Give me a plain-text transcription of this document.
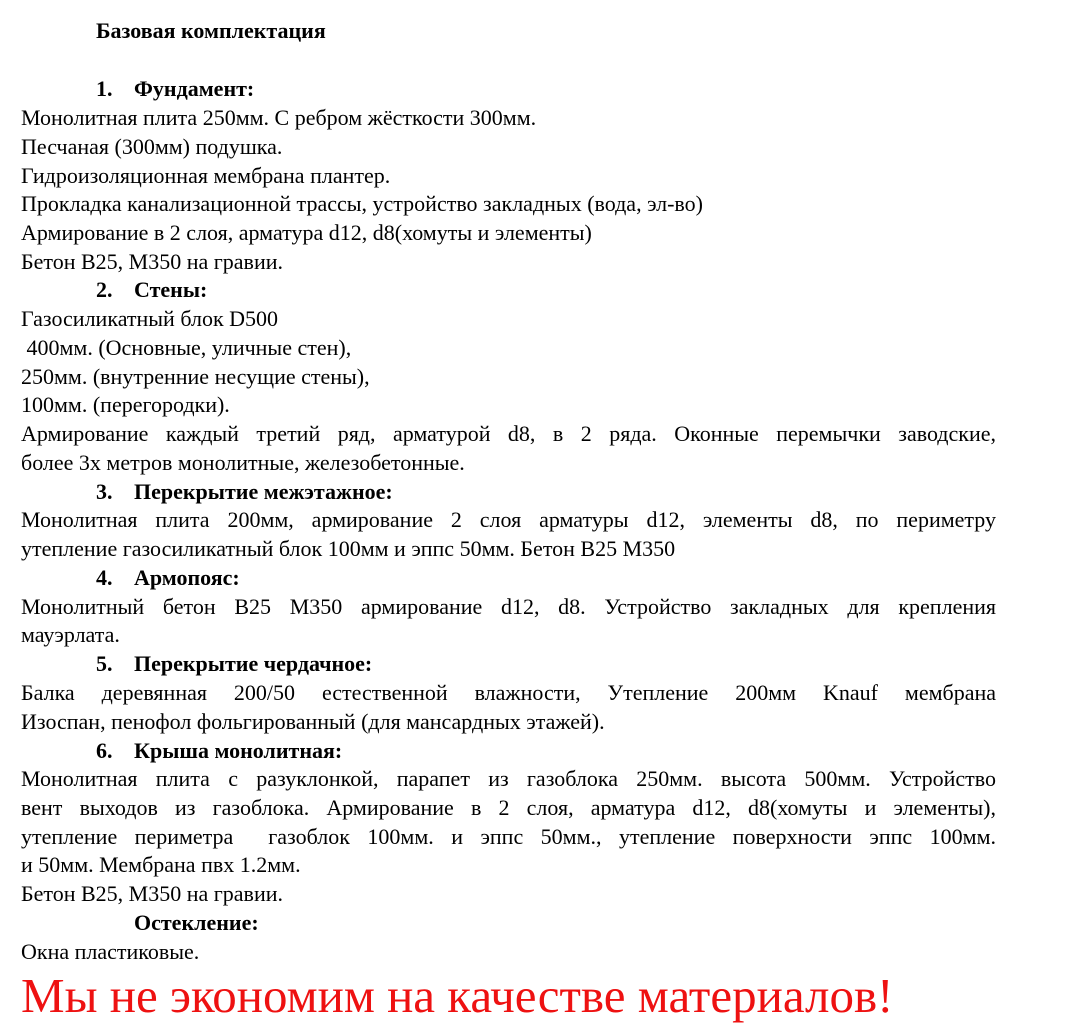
Базовая комплектация
1. Фундамент:
Монолитная плита 250мм. С ребром жёсткости 300мм.
Песчаная (300мм) подушка.
Гидроизоляционная мембрана плантер.
Прокладка канализационной трассы, устройство закладных (вода, эл-во)
Армирование в 2 слоя, арматура d12, d8(хомуты и элементы)
Бетон В25, М350 на гравии.
2. Стены:
Газосиликатный блок D500
400мм. (Основные, уличные стен),
250мм. (внутренние несущие стены),
100мм. (перегородки).
Армирование каждый третий ряд, арматурой d8, в 2 ряда. Оконные перемычки заводские,
более 3х метров монолитные, железобетонные.
3. Перекрытие межэтажное:
Монолитная плита 200мм, армирование 2 слоя арматуры d12, элементы d8, по периметру
утепление газосиликатный блок 100мм и эппс 50мм. Бетон В25 М350
4. Армопояс:
Монолитный бетон В25 М350 армирование d12, d8. Устройство закладных для крепления
мауэрлата.
5. Перекрытие чердачное:
Балка деревянная 200/50 естественной влажности, Утепление 200мм Knauf мембрана
Изоспан, пенофол фольгированный (для мансардных этажей).
6. Крыша монолитная:
Монолитная плита с разуклонкой, парапет из газоблока 250мм. высота 500мм. Устройство
вент выходов из газоблока. Армирование в 2 слоя, арматура d12, d8(хомуты и элементы),
утепление периметра  газоблок 100мм. и эппс 50мм., утепление поверхности эппс 100мм.
и 50мм. Мембрана пвх 1.2мм.
Бетон В25, М350 на гравии.
Остекление:
Окна пластиковые.
Мы не экономим на качестве материалов!
